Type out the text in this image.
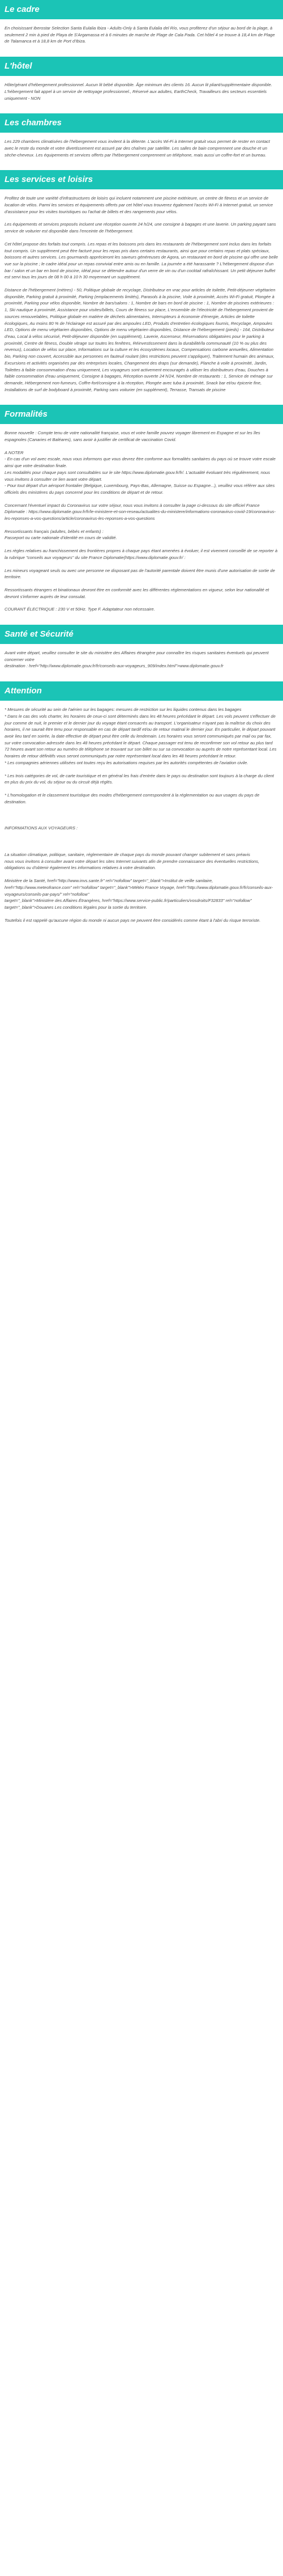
Le cadre

En choisissant Iberostar Selection Santa Eulalia Ibiza - Adults-Only à Santa Eulalia del Río, vous profiterez d'un séjour au bord de la plage, à seulement 2 min à pied de Playa de S'Argamassa et à 6 minutes de marche de Plage de Cala Pada. Cet hôtel 4 se trouve à 18,4 km de Plage de Talamanca et à 18,8 km de Port d'Ibiza.

L'hôtel

Hôte/gérant d'hébergement professionnel. Aucun lit bébé disponible. Âge minimum des clients 16. Aucun lit pliant/supplémentaire disponible. L'hébergement fait appel à un service de nettoyage professionnel., Réservé aux adultes, EarthCheck, Travailleurs des secteurs essentiels uniquement - NON

Les chambres

Les 229 chambres climatisées de l'hébergement vous invitent à la détente. L'accès Wi-Fi à Internet gratuit vous permet de rester en contact avec le reste du monde et votre divertissement est assuré par des chaînes par satellite. Les salles de bain comprennent une douche et un sèche-cheveux. Les équipements et services offerts par l'hébergement comprennent un téléphone, mais aussi un coffre-fort et un bureau.

Les services et loisirs

Profitez de toute une variété d'infrastructures de loisirs qui incluent notamment une piscine extérieure, un centre de fitness et un service de location de vélos. Parmi les services et équipements offerts par cet hôtel vous trouverez également l'accès Wi-Fi à Internet gratuit, un service d'assistance pour les visites touristiques ou l'achat de billets et des rangements pour vélos.

Les équipements et services proposés incluent une réception ouverte 24 h/24, une consigne à bagages et une laverie. Un parking payant sans service de voiturier est disponible dans l'enceinte de l'hébergement.

Cet hôtel propose des forfaits tout compris. Les repas et les boissons pris dans les restaurants de l'hébergement sont inclus dans les forfaits tout compris. Un supplément peut être facturé pour les repas pris dans certains restaurants, ainsi que pour certains repas et plats spéciaux, boissons et autres services. Les gourmands apprécieront les saveurs généreuses de Agora, un restaurant en bord de piscine qui offre une belle vue sur la piscine ; le cadre idéal pour un repas convivial entre amis ou en famille. La journée a été harassante ? L'hébergement dispose d'un bar / salon et un bar en bord de piscine, idéal pour se détendre autour d'un verre de vin ou d'un cocktail rafraîchissant. Un petit déjeuner buffet est servi tous les jours de 08 h 00 à 10 h 30 moyennant un supplément.

Distance de l'hébergement (mètres) - 50, Politique globale de recyclage, Distributeur en vrac pour articles de toilette, Petit-déjeuner végétarien disponible, Parking gratuit à proximité, Parking (emplacements limités), Parasols à la piscine, Voile à proximité, Accès Wi-Fi gratuit, Plongée à proximité, Parking pour vélos disponible, Nombre de bars/salons : 1, Nombre de bars en bord de piscine : 1, Nombre de piscines extérieures : 1, Ski nautique à proximité, Assistance pour visites/billets, Cours de fitness sur place, L'ensemble de l'électricité de l'hébergement provient de sources renouvelables, Politique globale en matière de déchets alimentaires, Interrupteurs à économie d'énergie, Articles de toilette écologiques, Au moins 80 % de l'éclairage est assuré par des ampoules LED, Produits d'entretien écologiques fournis, Recyclage, Ampoules LED, Options de menu végétarien disponibles, Options de menu végétarien disponibles, Distance de l'hébergement (pieds) - 164, Distributeur d'eau, Local à vélos sécurisé, Petit-déjeuner disponible (en supplément), Laverie, Ascenseur, Réservations obligatoires pour le parking à proximité, Centre de fitness, Double vitrage sur toutes les fenêtres, Réinvestissement dans la durabilité/la communauté (10 % ou plus des revenus), Location de vélos sur place, Informations sur la culture et les écosystèmes locaux, Compensations carbone annuelles, Alimentation bio, Parking non couvert, Accessible aux personnes en fauteuil roulant (des restrictions peuvent s'appliquer), Traitement humain des animaux, Excursions et activités organisées par des entreprises locales, Changement des draps (sur demande), Planche à voile à proximité, Jardin, Toilettes à faible consommation d'eau uniquement, Les voyageurs sont activement encouragés à utiliser les distributeurs d'eau, Douches à faible consommation d'eau uniquement, Consigne à bagages, Réception ouverte 24 h/24, Nombre de restaurants : 1, Service de ménage sur demande, Hébergement non-fumeurs, Coffre-fort/consigne à la réception, Plongée avec tuba à proximité, Snack bar et/ou épicerie fine, Installations de surf de bodyboard à proximité, Parking sans voiturier (en supplément), Terrasse, Transats de piscine

Formalités

Bonne nouvelle : Compte tenu de votre nationalité française, vous et votre famille pouvez voyager librement en Espagne et sur les îles espagnoles (Canaries et Baléares), sans avoir à justifier de certificat de vaccination Covid.

A NOTER
- En cas d'un vol avec escale, nous vous informons que vous devrez être conforme aux formalités sanitaires du pays où se trouve votre escale ainsi que votre destination finale.
Les modalités pour chaque pays sont consultables sur le site https://www.diplomatie.gouv.fr/fr/. L'actualité évoluant très régulièrement, nous vous invitons à consulter ce lien avant votre départ.
- Pour tout départ d'un aéroport frontalier (Belgique, Luxembourg, Pays-Bas, Allemagne, Suisse ou Espagne...), veuillez vous référer aux sites officiels des ministères du pays concerné pour les conditions de départ et de retour.

Concernant l'éventuel impact du Coronavirus sur votre séjour, nous vous invitons à consulter la page ci-dessous du site officiel France Diplomatie : https://www.diplomatie.gouv.fr/fr/le-ministere-et-son-reseau/actualites-du-ministere/informations-coronavirus-covid-19/coronavirus-les-reponses-a-vos-questions/article/coronavirus-les-reponses-a-vos-questions

Ressortissants français (adultes, bébés et enfants) :
Passeport ou carte nationale d'identité en cours de validité.

Les règles relatives au franchissement des frontières propres à chaque pays étant amenées à évoluer, il est vivement conseillé de se reporter à la rubrique "conseils aux voyageurs" du site France Diplomatie(https://www.diplomatie.gouv.fr/ :

Les mineurs voyageant seuls ou avec une personne ne disposant pas de l'autorité parentale doivent être munis d'une autorisation de sortie de territoire.

Ressortissants étrangers et binationaux devront être en conformité avec les différentes réglementations en vigueur, selon leur nationalité et devront s'informer auprès de leur consulat.

COURANT ÉLECTRIQUE : 230 V et 50Hz. Type F. Adaptateur non nécessaire.

Santé et Sécurité

Avant votre départ, veuillez consulter le site du ministère des Affaires étrangère pour connaître les risques sanitaires éventuels qui peuvent concerner votre
destination : href="http://www.diplomatie.gouv.fr/fr/conseils-aux-voyageurs_909/index.html">www.diplomatie.gouv.fr

Attention

* Mesures de sécurité au sein de l'aérien sur les bagages: mesures de restriction sur les liquides contenus dans les bagages
* Dans le cas des vols charter, les horaires de ceux-ci sont déterminés dans les 48 heures précédant le départ. Les vols peuvent s'effectuer de jour comme de nuit, le premier et le dernier jour du voyage étant consacrés au transport. L'organisateur n'ayant pas la maîtrise du choix des horaires, il ne saurait être tenu pour responsable en cas de départ tardif et/ou de retour matinal le dernier jour. En particulier, le départ pouvant avoir lieu tard en soirée, la date effective de départ peut être celle du lendemain. Les horaires vous seront communiqués par mail ou par fax, sur votre convocation adressée dans les 48 heures précédant le départ. Chaque passager est tenu de reconfirmer son vol retour au plus tard 72 heures avant son retour au numéro de téléphone se trouvant sur son billet ou sur sa convocation ou auprès de notre représentant local. Les horaires de retour définitifs vous seront communiqués par notre représentant local dans les 48 heures précédant le retour.
* Les compagnies aériennes utilisées ont toutes reçu les autorisations requises par les autorités compétentes de l'aviation civile.

* Les trois catégories de vol, de carte touristique et en général les frais d'entrée dans le pays ou destination sont toujours à la charge du client en plus du prix du vol, du séjour ou du circuit déjà réglés.

* L'homologation et le classement touristique des modes d'hébergement correspondent à la réglementation ou aux usages du pays de destination.

INFORMATIONS AUX VOYAGEURS :

La situation climatique, politique, sanitaire, réglementaire de chaque pays du monde pouvant changer subitement et sans préavis
nous vous invitons à consulter avant votre départ les sites Internet suivants afin de prendre connaissance des éventuelles restrictions, obligations ou d'obtenir également les informations relatives à votre destination.

Ministère de la Santé, href="http://www.invs.sante.fr" rel="nofollow" target="_blank">Institut de veille sanitaire,
href="http://www.meteofrance.com" rel="nofollow" target="_blank">Météo France Voyage, href="http://www.diplomatie.gouv.fr/fr/conseils-aux-voyageurs/conseils-par-pays/" rel="nofollow"
target="_blank">Ministère des Affaires Étrangères, href="https://www.service-public.fr/particuliers/vosdroits/F32833" rel="nofollow"
target="_blank">Douanes Les conditions légales pour la sortie du territoire.

Toutefois il est rappelé qu'aucune région du monde ni aucun pays ne peuvent être considérés comme étant à l'abri du risque terroriste.
